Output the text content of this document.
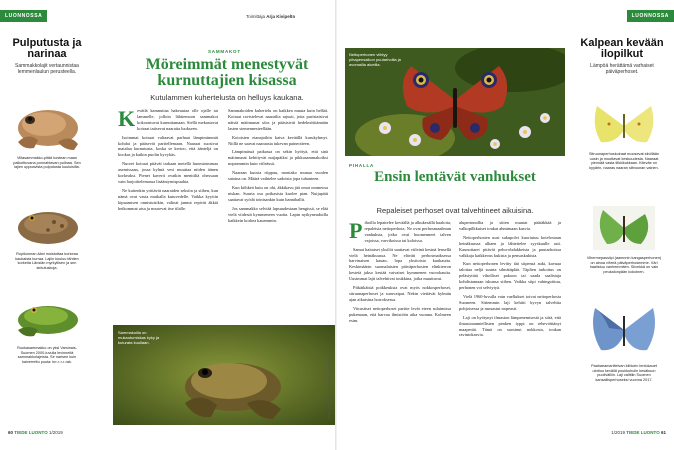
LUONNOSSA	Toimittaja Arja Kivipelto
Pulputusta ja narinaa
Sammakkolajit vertaunnistaa lemmenlaulun perusteella.
Viitasammakko-pitää kostean maan palkoittuvana ponnahtavan pulinaa. Sen lajien uppoavista pulputusta kuuluisilta.
Rupikonnan ääni muistuttaa korkeaa kaukaista kurraa. Lajiin kuuluu tähtien korkeita Länsiän myrkyllisen ja sen sirkutuskoja.
Ruokasammakko on yksi Varsinais-Suomen 2000-luvulla levinneitä sammakkolajeista. Se narisee kuin kaiverrettu puuta: krr-r-r-r-rak.
SAMMAKOT
Möreimmät menestyvät kurnuttajien kisassa
Kutulammen kuhertelusta on helluys kaukana.

Kevätlä kamnuttaa hakeuutaa olle ojalle tai lammelle, jolloin lähtiemoon sammakot kokoontuvat kurnuttamaan. Siellä mekastavat koiraat tatisevat naaraita luokseen.

Isoimmat koiraat valtaavat parhaat lämpimimmät kohdat ja pääsevät paritellemaan. Naaraat suosivat matalaa kurnutusta, koska se kertoo, että äänteljä on kookas ja kaikin puolin kyvykäs.

Nuoret koiraat pitävät tarkaan metellä huomioimmaa asemissaan, jossa kylmä vesi muuttaa niiden äänen korkeaksi. Pienet kaverit ovatkin menttiliä ohessaan vain harjoittelemassa lisääntymispuuhia.

Ne kuitenkin yrittävät naaraiden seksiin ja siihen, kun nämä ovat vasta matkalla kutuvedelle. Vaikka kyytiin kipuamisen onnistuisikin, valtoat jannut repivät äkkiä heikommat aisa ja nousevat itse tilalle.

Sammakoiden kuhertelu on kaikkea muuta kuin hellää. Koiraat ravistelevat naarailta rajusti, jotta puristaisivat näistä mätimunat ulos ja pääsisivät hedelmöittämään lasten siemennesteellään.

Kotoisten etanajoihin kaiva keväällä kurukyhmyt. Niillä ne saavat naaraasta tukevan paineotteen.

Lämpimässä paikassa on sekin hyötyä, että sinä mätimunat kehittyvät nuijapäiksi ja pikkusammakoiksi nopeammin kuin viileässä.

Naaraan kuosta riippuu, montako munaa vuoden satoina on. Määrä vaihtelee sadoista jopa tuhanteen.

Kun kiihkeä kutu on ohi, äkkikavu jää omat ommeosa niskan. Suuria osa poikasista kuolee pian. Nuijapäät saattavat syödä toinisankin kuin hanniballit.

Jos sammakko selviää lapsuudestaan hengissä, se elää vielä viidestä kymmeneen vuotta. Lapin nytkyneuduilla kaikkein korkea kauemmin.

Sammakoilla on mukautumiskas kyky ja kuturata kuullaan.
Kuvat: Wikimedia Commons, Shutterstock
60 TIEDE LUONTO 1/2019
LUONNOSSA
Neitoperhonen viihtyy pihapensaikon puutarhoilla ja avomailla alueilla.
PIHALLA
Ensin lentävät vanhukset
Repaleiset perhoset ovat talvehtineet aikuisina.

Pihoilla lepattelee keväällä ja alkukesällä haaloita, repaleisia neitoperhoia. Ne ovat perhosmaailman vanhuksia, jotka ovat huomenneet talven vajoissa, varvikoissa tai koloissa.

Samat haitaiset yksilöt saattavat viileinä kesinä lensellä vielä heinäkuussa. Ne eläväti perhosmaiksessa harvinaisen kauan, lopa yksitoista kuukautta. Keskimäärin suomalaisten päiväperhosten elinkierron kestetä jakso kestää vaivaiset kymmenen vuorokautta. Uusimmat lajit talvehtivat toukkina, jotka muuttuvat.

Pitkäikäisiä poikkeuksia ovat myös nokkosperhoset, sitruunaperhoset ja suruvaipat. Nekin viettävät kylmän ajan aikuisina horroksessa.

Viirustiset neitoperhoset paritte levät eteen sulaimissa pukemaan, että harvaa ilmistöön aika vuonna. Kolmeen esim.

aluperinnollia ja sitten muutat pääiäkkää ja valkopilkkuiset toukat ahmimaan kasvia.

Neitoperhosten uusi sukupolvi kuoriutuu kotelostaan heinäkuussa alkaen ja lähtettelee syyskuulle asti. Kaunottaret pitävät pehu-obdakkeista ja puutarhoissa valkkaja kaikkeous kukista ja pensaskukista.

Kun neitoperhonen levitty tää siipensä auki, kavuaa talottaa neljä suurta silmätäplää. Täplien tarkoitus on pelästyttää viholliset pakoon tai saada saalistaja kohdistamaan iskunsa siihen. Vaikka siipi vahingoittuu, perhonen voi selviytyä.

Vielä 1960-luvulla vain vaellukset toivat neitoperhosia Suomeen. Sittemmin laji kehitti kyvyn talvehtia pohjoisessa ja runsastui nopeasti.

Laji on hyötynyt ilmaston lämpenemisestä ja siitä, että ilmastoaanniellisten penken typpi on rehevöittänyt maaperää. Tämä on suosinut nokkosta, toukan ravintokasvia.

Kalpean kevään ilopilkut
Lämpöä herättämä varhaiset päiväperhoset.
Sitruunaperhoskoiraat moosevat siivillään uusin ja muuttavat keskuudesta. Naaraat ylennää vasta tilkkikukkaan. Kiteväe on kyyärin, naaras naaran siitruunan vainen.
Vihermepassiipi (aamnnin kangasperhonen) on ainoa vihreä päiväperhosemme. Väri haalistuu vanhemmiten. Siivekkä on vain peukalonpään kokoinen.
Paahaeamariitelvan kiihkein lentokauet ulottuu kevällä poukkuhulin kesäkuun puolivälliin. Laji valittiin Suomen kansallisperhoseksi vuonna 2017.
1/2019 TIEDE LUONTO 61
